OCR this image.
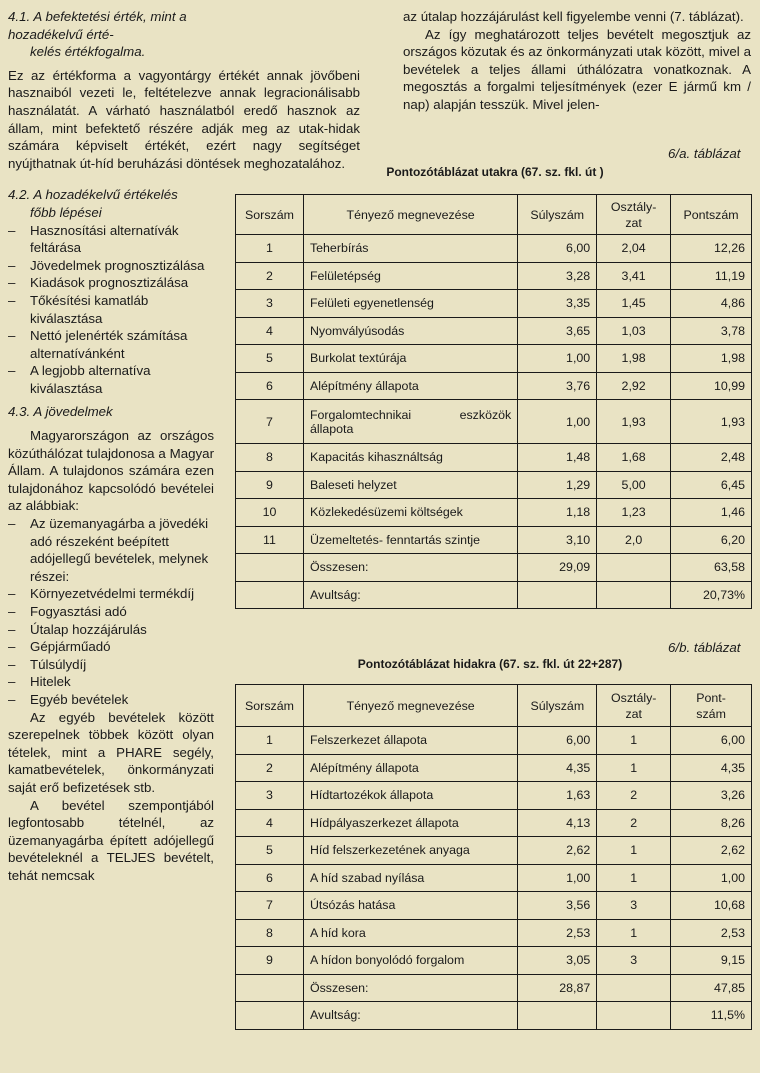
4.1. A befektetési érték, mint a hozadékelvű érté-
kelés értékfogalma.

Ez az értékforma a vagyontárgy értékét annak jövőbeni hasznaiból vezeti le, feltételezve annak legracionálisabb használatát. A várható használatból eredő hasznok az állam, mint befektető részére adják meg az utak-hidak számára képviselt értékét, ezért nagy segítséget nyújthatnak út-híd beruházási döntések meghozatalához.

4.2. A hozadékelvű értékelés
főbb lépései

– Hasznosítási alternatívák feltárása
– Jövedelmek prognosztizálása
– Kiadások prognosztizálása
– Tőkésítési kamatláb kiválasztása
– Nettó jelenérték számítása alternatívánként
– A legjobb alternatíva kiválasztása

4.3. A jövedelmek

Magyarországon az országos közúthálózat tulajdonosa a Magyar Állam. A tulajdonos számára ezen tulajdonához kapcsolódó bevételei az alábbiak:

– Az üzemanyagárba a jövedéki adó részeként beépített adójellegű bevételek, melynek részei:
– Környezetvédelmi termékdíj
– Fogyasztási adó
– Útalap hozzájárulás
– Gépjárműadó
– Túlsúlydíj
– Hitelek
– Egyéb bevételek

Az egyéb bevételek között szerepelnek többek között olyan tételek, mint a PHARE segély, kamatbevételek, önkormányzati saját erő befizetések stb.

A bevétel szempontjából legfontosabb tételnél, az üzemanyagárba épített adójellegű bevételeknél a TELJES bevételt, tehát nemcsak

az útalap hozzájárulást kell figyelembe venni (7. táblázat).

Az így meghatározott teljes bevételt megosztjuk az országos közutak és az önkormányzati utak között, mivel a bevételek a teljes állami úthálózatra vonatkoznak. A megosztás a forgalmi teljesítmények (ezer E jármű km / nap) alapján tesszük. Mivel jelen-

6/a. táblázat
Pontozótáblázat utakra (67. sz. fkl. út )
Sorszám	Tényező megnevezése	Súlyszám	Osztály-
zat	Pontszám
1	Teherbírás	6,00	2,04	12,26
2	Felületépség	3,28	3,41	11,19
3	Felületi egyenetlenség	3,35	1,45	4,86
4	Nyomvályúsodás	3,65	1,03	3,78
5	Burkolat textúrája	1,00	1,98	1,98
6	Alépítmény állapota	3,76	2,92	10,99
7	Forgalomtechnikai eszközök állapota	1,00	1,93	1,93
8	Kapacitás kihasználtság	1,48	1,68	2,48
9	Baleseti helyzet	1,29	5,00	6,45
10	Közlekedésüzemi költségek	1,18	1,23	1,46
11	Üzemeltetés- fenntartás szintje	3,10	2,0	6,20
	Összesen:	29,09		63,58
	Avultság:			20,73%
6/b. táblázat
Pontozótáblázat hidakra (67. sz. fkl. út 22+287)
Sorszám	Tényező megnevezése	Súlyszám	Osztály-
zat	Pont-
szám
1	Felszerkezet állapota	6,00	1	6,00
2	Alépítmény állapota	4,35	1	4,35
3	Hídtartozékok állapota	1,63	2	3,26
4	Hídpályaszerkezet állapota	4,13	2	8,26
5	Híd felszerkezetének anyaga	2,62	1	2,62
6	A híd szabad nyílása	1,00	1	1,00
7	Útsózás hatása	3,56	3	10,68
8	A híd kora	2,53	1	2,53
9	A hídon bonyolódó forgalom	3,05	3	9,15
	Összesen:	28,87		47,85
	Avultság:			11,5%
